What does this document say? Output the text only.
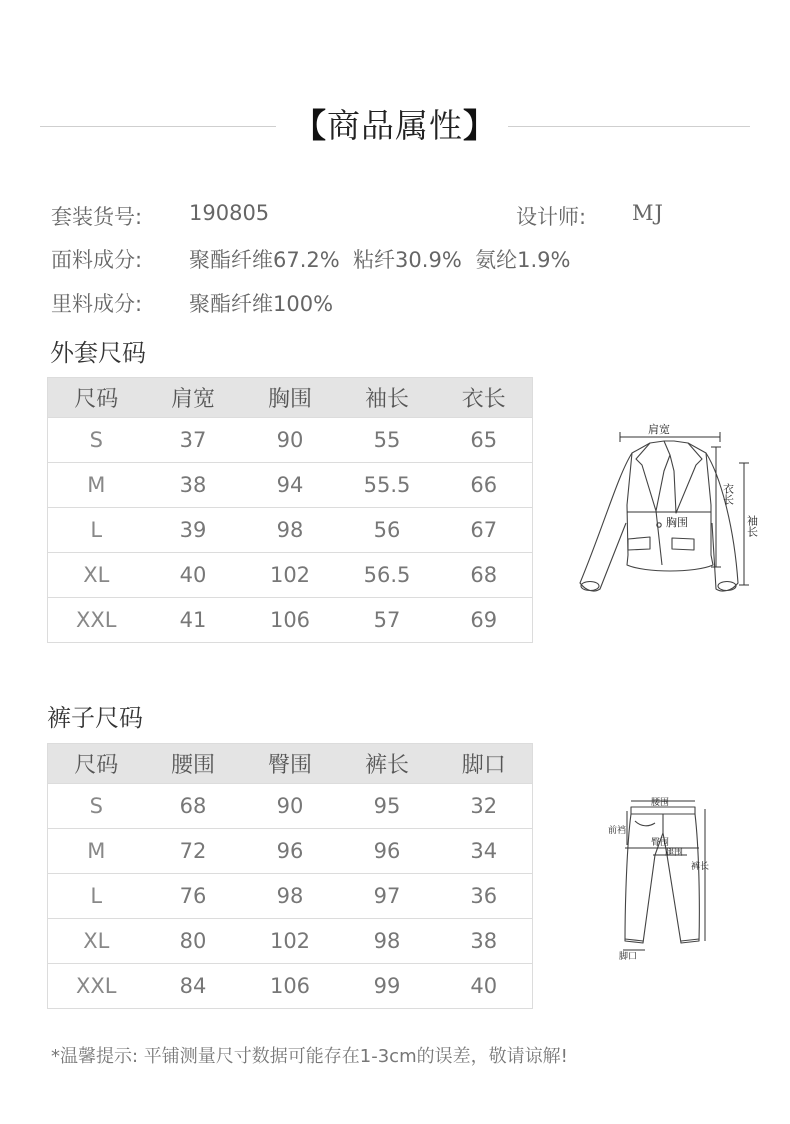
【商品属性】
套装货号: 190805	设计师: MJ
面料成分: 聚酯纤维67.2%  粘纤30.9%  氨纶1.9%
里料成分: 聚酯纤维100%
外套尺码
尺码	肩宽	胸围	袖长	衣长
S	37	90	55	65
M	38	94	55.5	66
L	39	98	56	67
XL	40	102	56.5	68
XXL	41	106	57	69
肩宽
胸围
衣长
袖长
裤子尺码
尺码	腰围	臀围	裤长	脚口
S	68	90	95	32
M	72	96	96	34
L	76	98	97	36
XL	80	102	98	38
XXL	84	106	99	40
腰围
前裆
臀围
腿围
裤长
脚口
*温馨提示: 平铺测量尺寸数据可能存在1-3cm的误差，敬请谅解!
